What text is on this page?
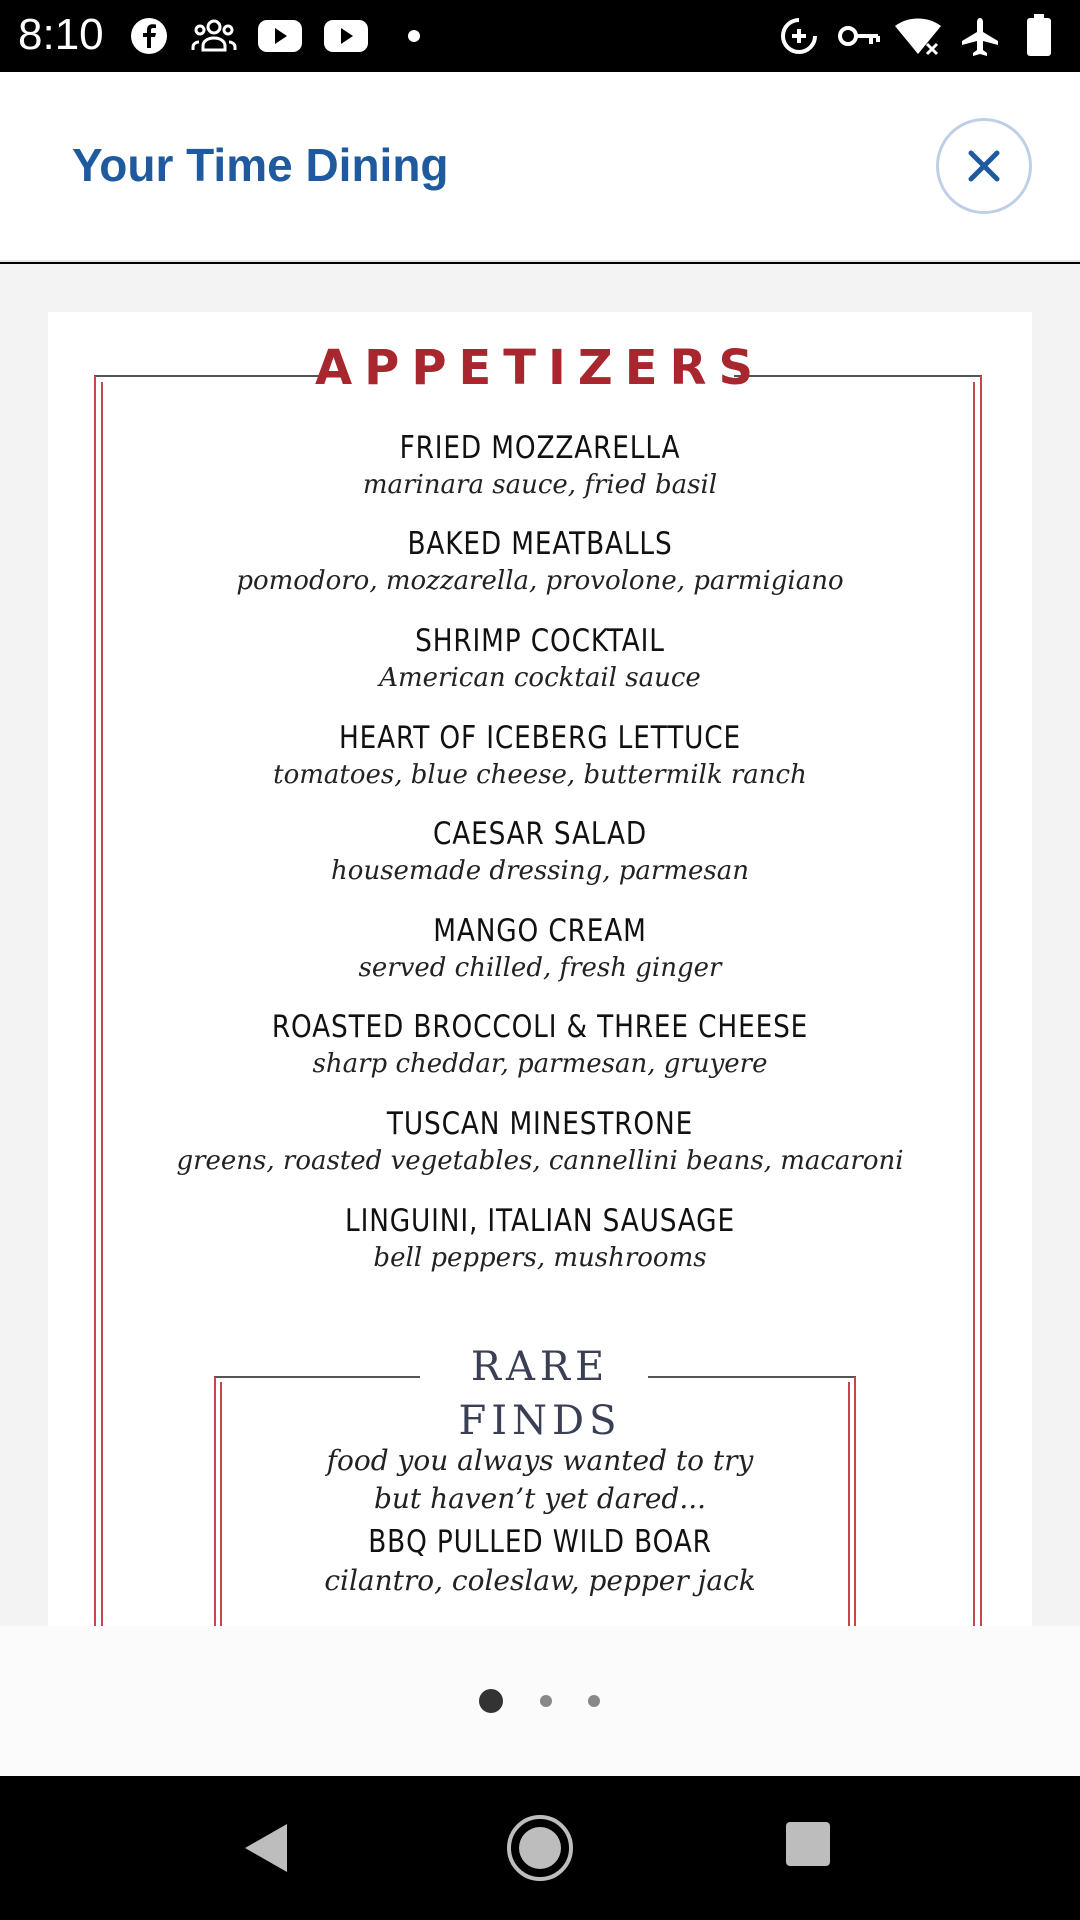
8:10
Your Time Dining
APPETIZERS
FRIED MOZZARELLA
marinara sauce, fried basil
BAKED MEATBALLS
pomodoro, mozzarella, provolone, parmigiano
SHRIMP COCKTAIL
American cocktail sauce
HEART OF ICEBERG LETTUCE
tomatoes, blue cheese, buttermilk ranch
CAESAR SALAD
housemade dressing, parmesan
MANGO CREAM
served chilled, fresh ginger
ROASTED BROCCOLI & THREE CHEESE
sharp cheddar, parmesan, gruyere
TUSCAN MINESTRONE
greens, roasted vegetables, cannellini beans, macaroni
LINGUINI, ITALIAN SAUSAGE
bell peppers, mushrooms
RARE
FINDS
food you always wanted to try
but haven’t yet dared...
BBQ PULLED WILD BOAR
cilantro, coleslaw, pepper jack
